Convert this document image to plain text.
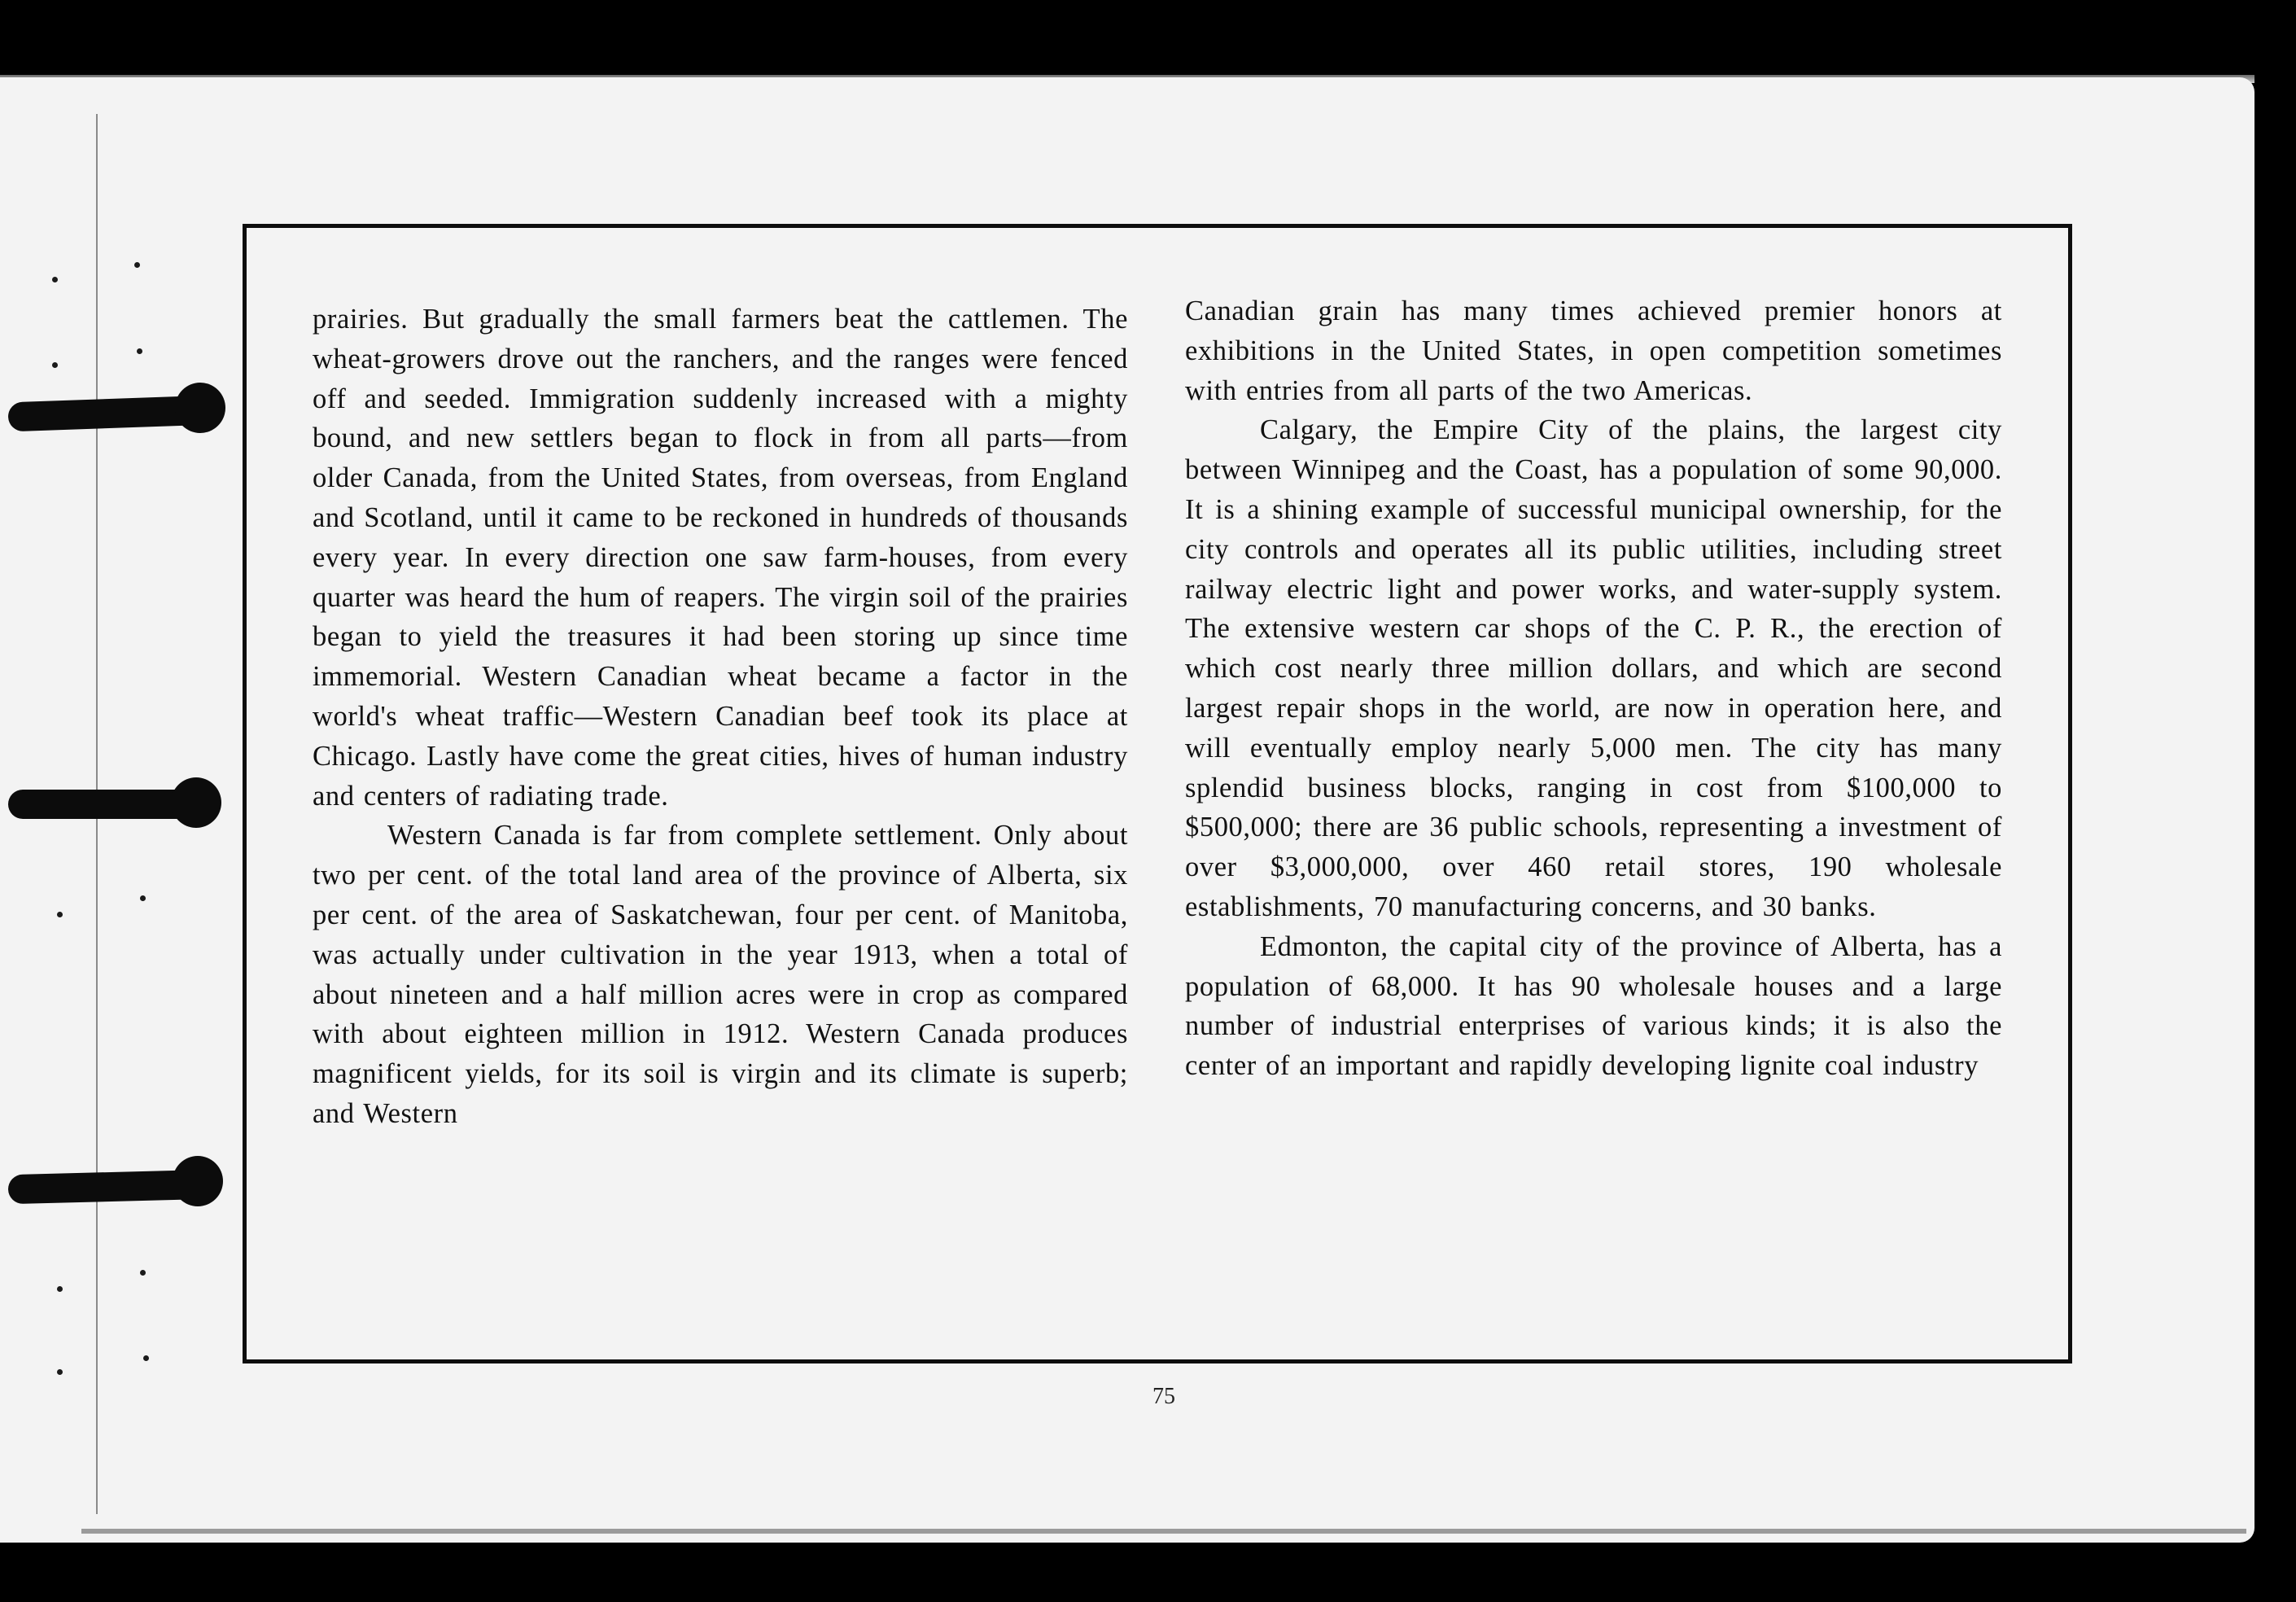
prairies. But gradually the small farmers beat the cattlemen. The wheat-growers drove out the ranchers, and the ranges were fenced off and seeded. Immigration suddenly increased with a mighty bound, and new settlers began to flock in from all parts—from older Canada, from the United States, from overseas, from England and Scotland, until it came to be reckoned in hundreds of thousands every year. In every direction one saw farm-houses, from every quarter was heard the hum of reapers. The virgin soil of the prairies began to yield the treasures it had been storing up since time immemorial. Western Canadian wheat became a factor in the world's wheat traffic—Western Canadian beef took its place at Chicago. Lastly have come the great cities, hives of human industry and centers of radiating trade.

Western Canada is far from complete settlement. Only about two per cent. of the total land area of the province of Alberta, six per cent. of the area of Saskatchewan, four per cent. of Manitoba, was actually under cultivation in the year 1913, when a total of about nineteen and a half million acres were in crop as compared with about eighteen million in 1912. Western Canada produces magnificent yields, for its soil is virgin and its climate is superb; and Western

Canadian grain has many times achieved premier honors at exhibitions in the United States, in open competition sometimes with entries from all parts of the two Americas.

Calgary, the Empire City of the plains, the largest city between Winnipeg and the Coast, has a population of some 90,000. It is a shining example of successful municipal ownership, for the city controls and operates all its public utilities, including street railway electric light and power works, and water-supply system. The extensive western car shops of the C. P. R., the erection of which cost nearly three million dollars, and which are second largest repair shops in the world, are now in operation here, and will eventually employ nearly 5,000 men. The city has many splendid business blocks, ranging in cost from $100,000 to $500,000; there are 36 public schools, representing a investment of over $3,000,000, over 460 retail stores, 190 wholesale establishments, 70 manufacturing concerns, and 30 banks.

Edmonton, the capital city of the province of Alberta, has a population of 68,000. It has 90 wholesale houses and a large number of industrial enterprises of various kinds; it is also the center of an important and rapidly developing lignite coal industry

75
